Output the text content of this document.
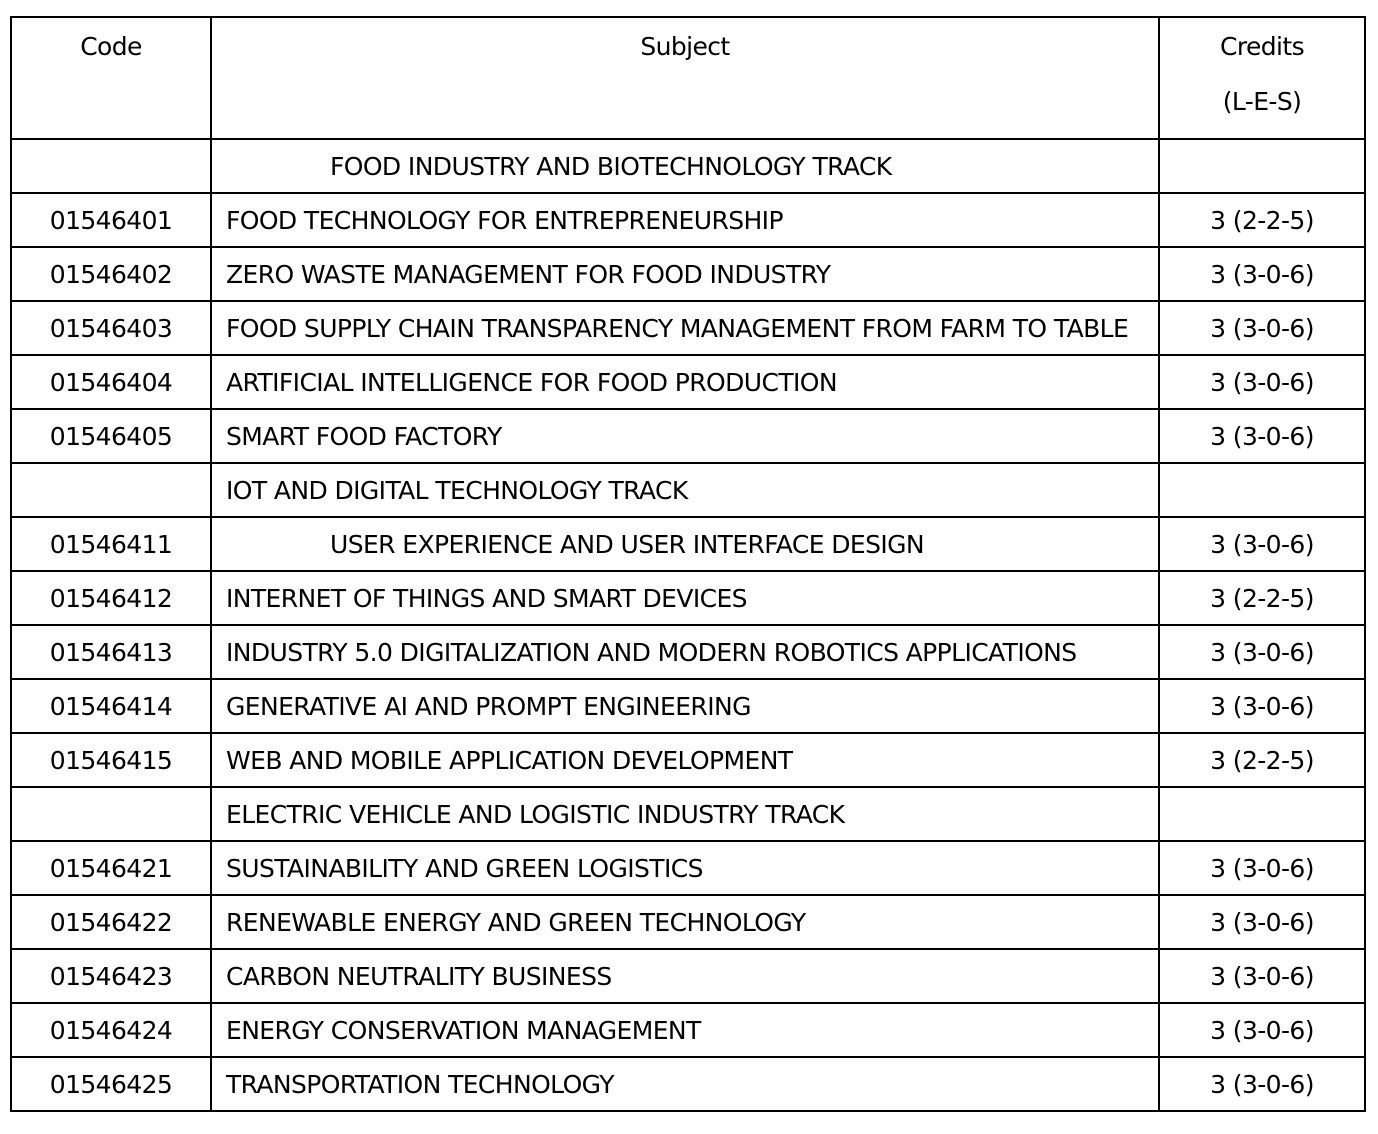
Code	Subject	Credits
(L-E-S)

	FOOD INDUSTRY AND BIOTECHNOLOGY TRACK	
01546401	FOOD TECHNOLOGY FOR ENTREPRENEURSHIP	3 (2-2-5)
01546402	ZERO WASTE MANAGEMENT FOR FOOD INDUSTRY	3 (3-0-6)
01546403	FOOD SUPPLY CHAIN TRANSPARENCY MANAGEMENT FROM FARM TO TABLE	3 (3-0-6)
01546404	ARTIFICIAL INTELLIGENCE FOR FOOD PRODUCTION	3 (3-0-6)
01546405	SMART FOOD FACTORY	3 (3-0-6)
	IOT AND DIGITAL TECHNOLOGY TRACK	
01546411	USER EXPERIENCE AND USER INTERFACE DESIGN	3 (3-0-6)
01546412	INTERNET OF THINGS AND SMART DEVICES	3 (2-2-5)
01546413	INDUSTRY 5.0 DIGITALIZATION AND MODERN ROBOTICS APPLICATIONS	3 (3-0-6)
01546414	GENERATIVE AI AND PROMPT ENGINEERING	3 (3-0-6)
01546415	WEB AND MOBILE APPLICATION DEVELOPMENT	3 (2-2-5)
	ELECTRIC VEHICLE AND LOGISTIC INDUSTRY TRACK	
01546421	SUSTAINABILITY AND GREEN LOGISTICS	3 (3-0-6)
01546422	RENEWABLE ENERGY AND GREEN TECHNOLOGY	3 (3-0-6)
01546423	CARBON NEUTRALITY BUSINESS	3 (3-0-6)
01546424	ENERGY CONSERVATION MANAGEMENT	3 (3-0-6)
01546425	TRANSPORTATION TECHNOLOGY	3 (3-0-6)
